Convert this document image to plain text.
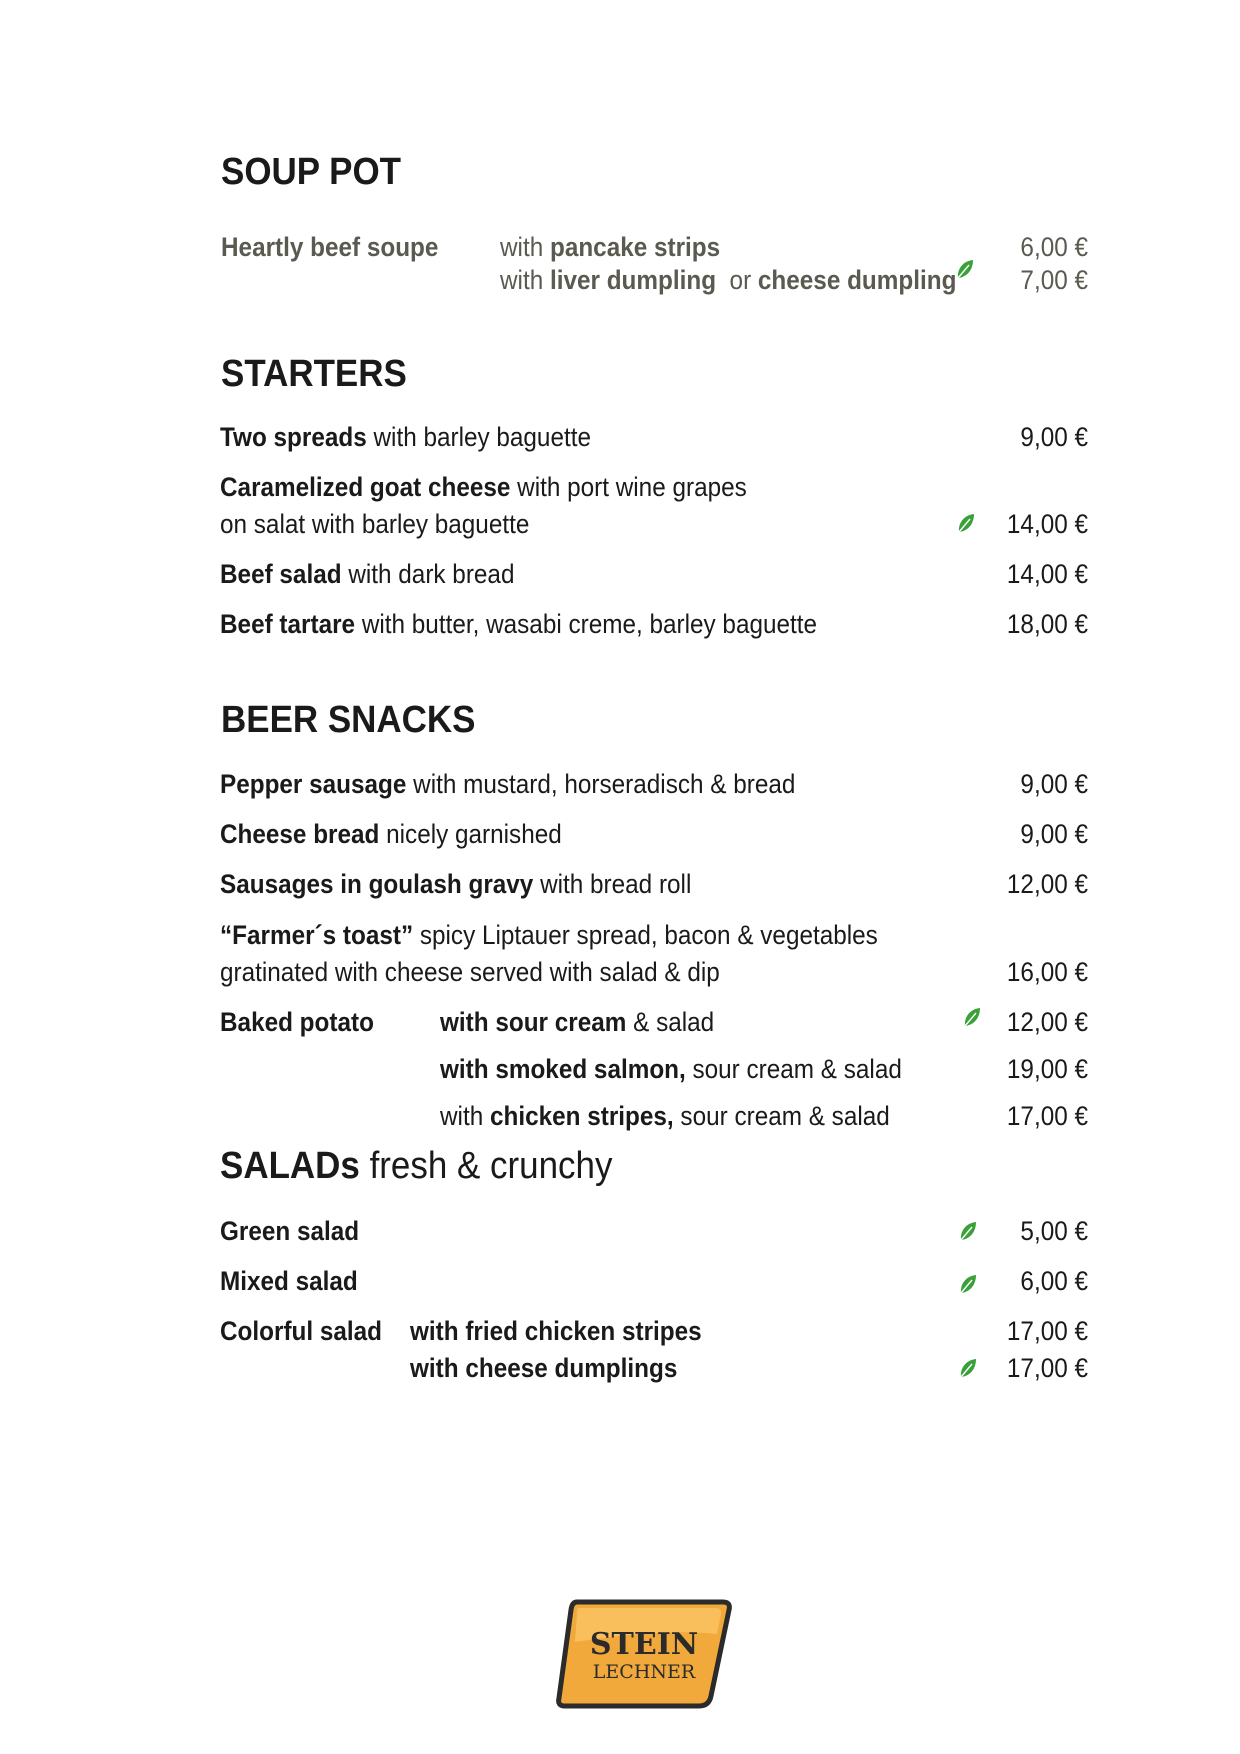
SOUP POT
Heartly beef soupe with pancake strips	6,00 €
with liver dumpling  or cheese dumpling	7,00 €
STARTERS
Two spreads with barley baguette	9,00 €
Caramelized goat cheese with port wine grapes
on salat with barley baguette	14,00 €
Beef salad with dark bread	14,00 €
Beef tartare with butter, wasabi creme, barley baguette	18,00 €
BEER SNACKS
Pepper sausage with mustard, horseradisch & bread	9,00 €
Cheese bread nicely garnished	9,00 €
Sausages in goulash gravy with bread roll	12,00 €
“Farmer´s toast” spicy Liptauer spread, bacon & vegetables
gratinated with cheese served with salad & dip	16,00 €
Baked potato with sour cream & salad	12,00 €
with smoked salmon, sour cream & salad	19,00 €
with chicken stripes, sour cream & salad	17,00 €
SALADs fresh & crunchy
Green salad	5,00 €
Mixed salad	6,00 €
Colorful salad with fried chicken stripes	17,00 €
with cheese dumplings	17,00 €
STEIN
LECHNER
